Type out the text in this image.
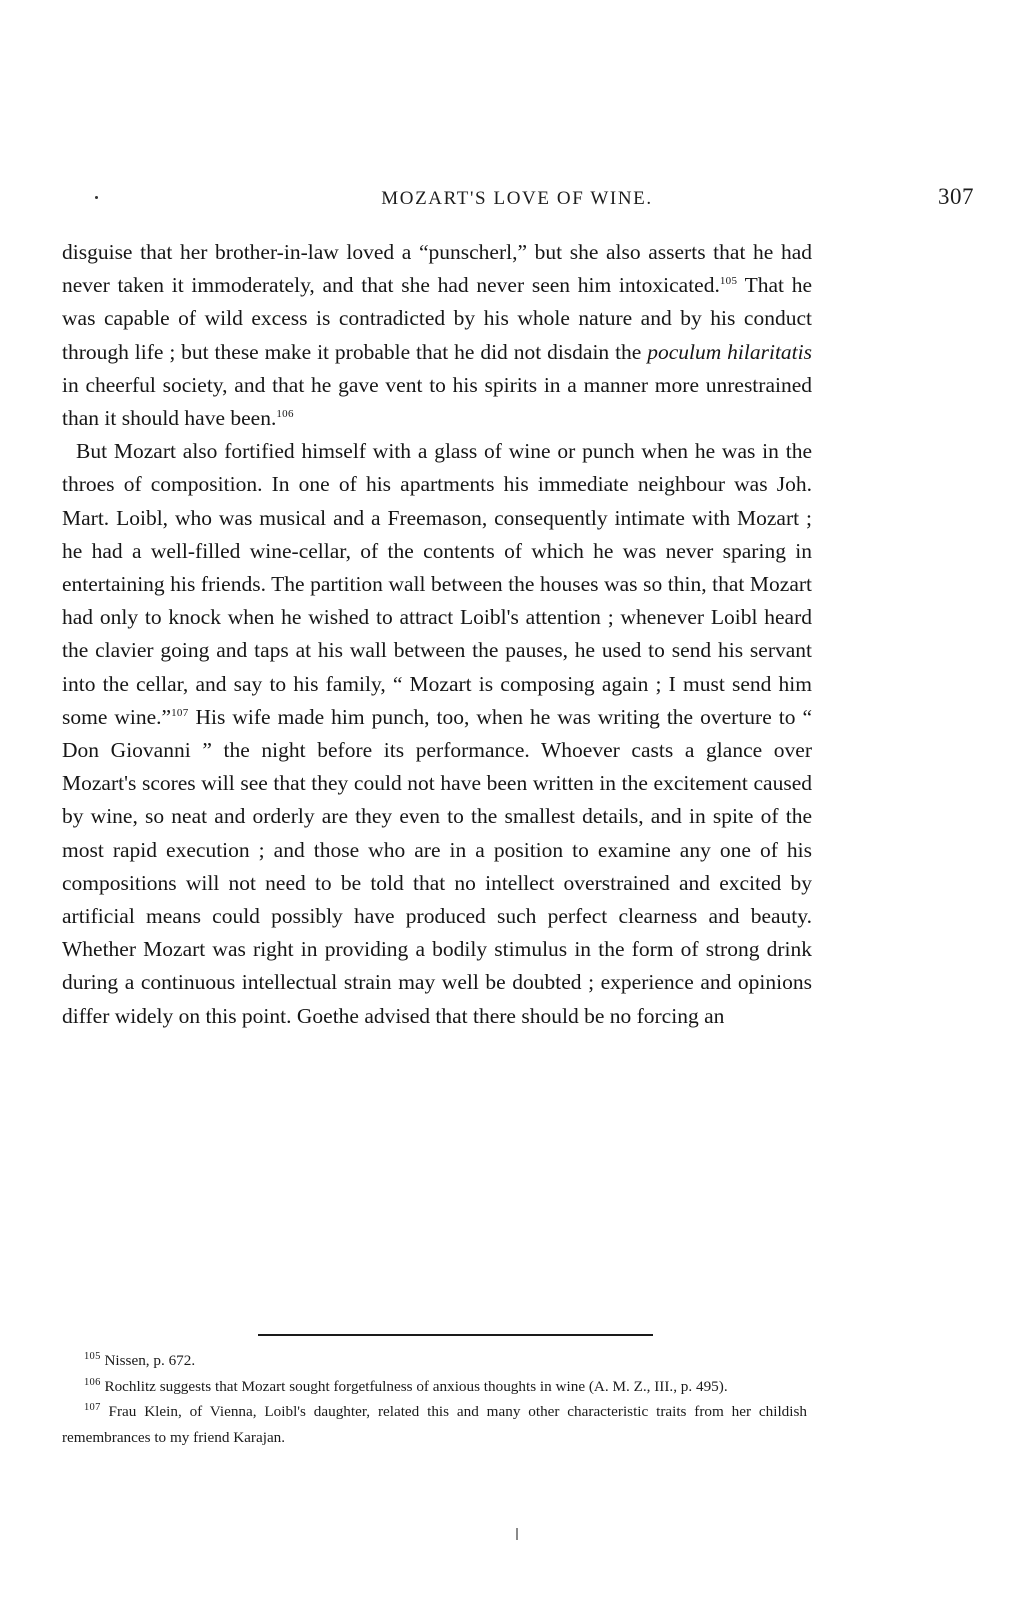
MOZART'S LOVE OF WINE.	307

disguise that her brother-in-law loved a “punscherl,” but she also asserts that he had never taken it immoderately, and that she had never seen him intoxicated.$^{105}$ That he was capable of wild excess is contradicted by his whole nature and by his conduct through life ; but these make it probable that he did not disdain the poculum hilaritatis in cheerful society, and that he gave vent to his spirits in a manner more unrestrained than it should have been.$^{106}$

But Mozart also fortified himself with a glass of wine or punch when he was in the throes of composition. In one of his apartments his immediate neighbour was Joh. Mart. Loibl, who was musical and a Freemason, consequently intimate with Mozart ; he had a well-filled wine-cellar, of the contents of which he was never sparing in entertaining his friends. The partition wall between the houses was so thin, that Mozart had only to knock when he wished to attract Loibl's attention ; whenever Loibl heard the clavier going and taps at his wall between the pauses, he used to send his servant into the cellar, and say to his family, “ Mozart is composing again ; I must send him some wine.”$^{107}$ His wife made him punch, too, when he was writing the overture to “ Don Giovanni ” the night before its performance. Whoever casts a glance over Mozart's scores will see that they could not have been written in the excitement caused by wine, so neat and orderly are they even to the smallest details, and in spite of the most rapid execution ; and those who are in a position to examine any one of his compositions will not need to be told that no intellect overstrained and excited by artificial means could possibly have produced such perfect clearness and beauty. Whether Mozart was right in providing a bodily stimulus in the form of strong drink during a continuous intellectual strain may well be doubted ; experience and opinions differ widely on this point. Goethe advised that there should be no forcing an

$^{105}$ Nissen, p. 672.

$^{106}$ Rochlitz suggests that Mozart sought forgetfulness of anxious thoughts in wine (A. M. Z., III., p. 495).

$^{107}$ Frau Klein, of Vienna, Loibl's daughter, related this and many other characteristic traits from her childish remembrances to my friend Karajan.
